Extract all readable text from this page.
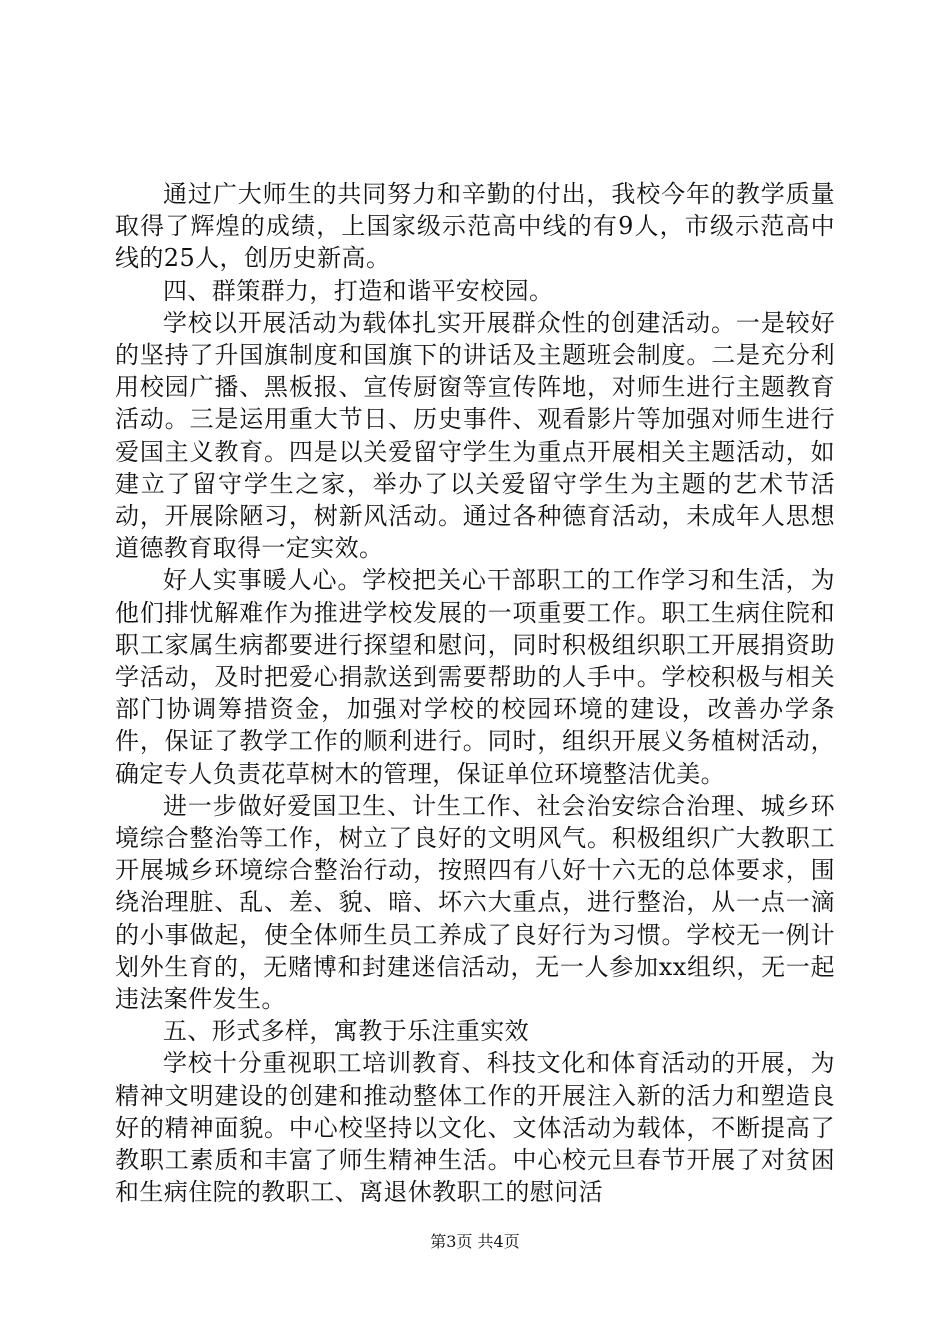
通过广大师生的共同努力和辛勤的付出，我校今年的教学质量取得了辉煌的成绩，上国家级示范高中线的有9人，市级示范高中线的25人，创历史新高。

四、群策群力，打造和谐平安校园。

学校以开展活动为载体扎实开展群众性的创建活动。一是较好的坚持了升国旗制度和国旗下的讲话及主题班会制度。二是充分利用校园广播、黑板报、宣传厨窗等宣传阵地，对师生进行主题教育活动。三是运用重大节日、历史事件、观看影片等加强对师生进行爱国主义教育。四是以关爱留守学生为重点开展相关主题活动，如建立了留守学生之家，举办了以关爱留守学生为主题的艺术节活动，开展除陋习，树新风活动。通过各种德育活动，未成年人思想道德教育取得一定实效。

好人实事暖人心。学校把关心干部职工的工作学习和生活，为他们排忧解难作为推进学校发展的一项重要工作。职工生病住院和职工家属生病都要进行探望和慰问，同时积极组织职工开展捐资助学活动，及时把爱心捐款送到需要帮助的人手中。学校积极与相关部门协调筹措资金，加强对学校的校园环境的建设，改善办学条件，保证了教学工作的顺利进行。同时，组织开展义务植树活动，确定专人负责花草树木的管理，保证单位环境整洁优美。

进一步做好爱国卫生、计生工作、社会治安综合治理、城乡环境综合整治等工作，树立了良好的文明风气。积极组织广大教职工开展城乡环境综合整治行动，按照四有八好十六无的总体要求，围绕治理脏、乱、差、貌、暗、坏六大重点，进行整治，从一点一滴的小事做起，使全体师生员工养成了良好行为习惯。学校无一例计划外生育的，无赌博和封建迷信活动，无一人参加xx组织，无一起违法案件发生。

五、形式多样，寓教于乐注重实效

学校十分重视职工培训教育、科技文化和体育活动的开展，为精神文明建设的创建和推动整体工作的开展注入新的活力和塑造良好的精神面貌。中心校坚持以文化、文体活动为载体，不断提高了教职工素质和丰富了师生精神生活。中心校元旦春节开展了对贫困和生病住院的教职工、离退休教职工的慰问活

第3页 共4页
